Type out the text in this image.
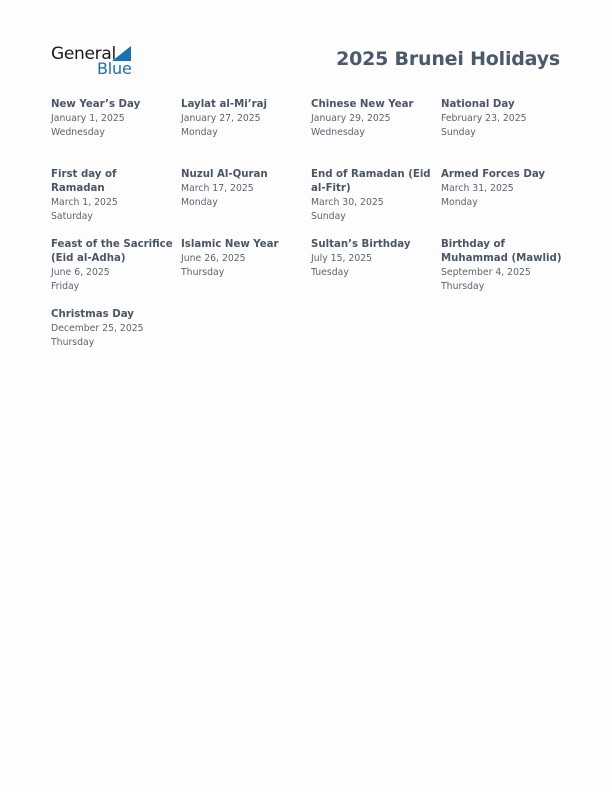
General
Blue	2025 Brunei Holidays
New Year’s Day
January 1, 2025
Wednesday
Laylat al-Mi’raj
January 27, 2025
Monday
Chinese New Year
January 29, 2025
Wednesday
National Day
February 23, 2025
Sunday
First day of Ramadan
March 1, 2025
Saturday
Nuzul Al-Quran
March 17, 2025
Monday
End of Ramadan (Eid al-Fitr)
March 30, 2025
Sunday
Armed Forces Day
March 31, 2025
Monday
Feast of the Sacrifice (Eid al-Adha)
June 6, 2025
Friday
Islamic New Year
June 26, 2025
Thursday
Sultan’s Birthday
July 15, 2025
Tuesday
Birthday of Muhammad (Mawlid)
September 4, 2025
Thursday
Christmas Day
December 25, 2025
Thursday
